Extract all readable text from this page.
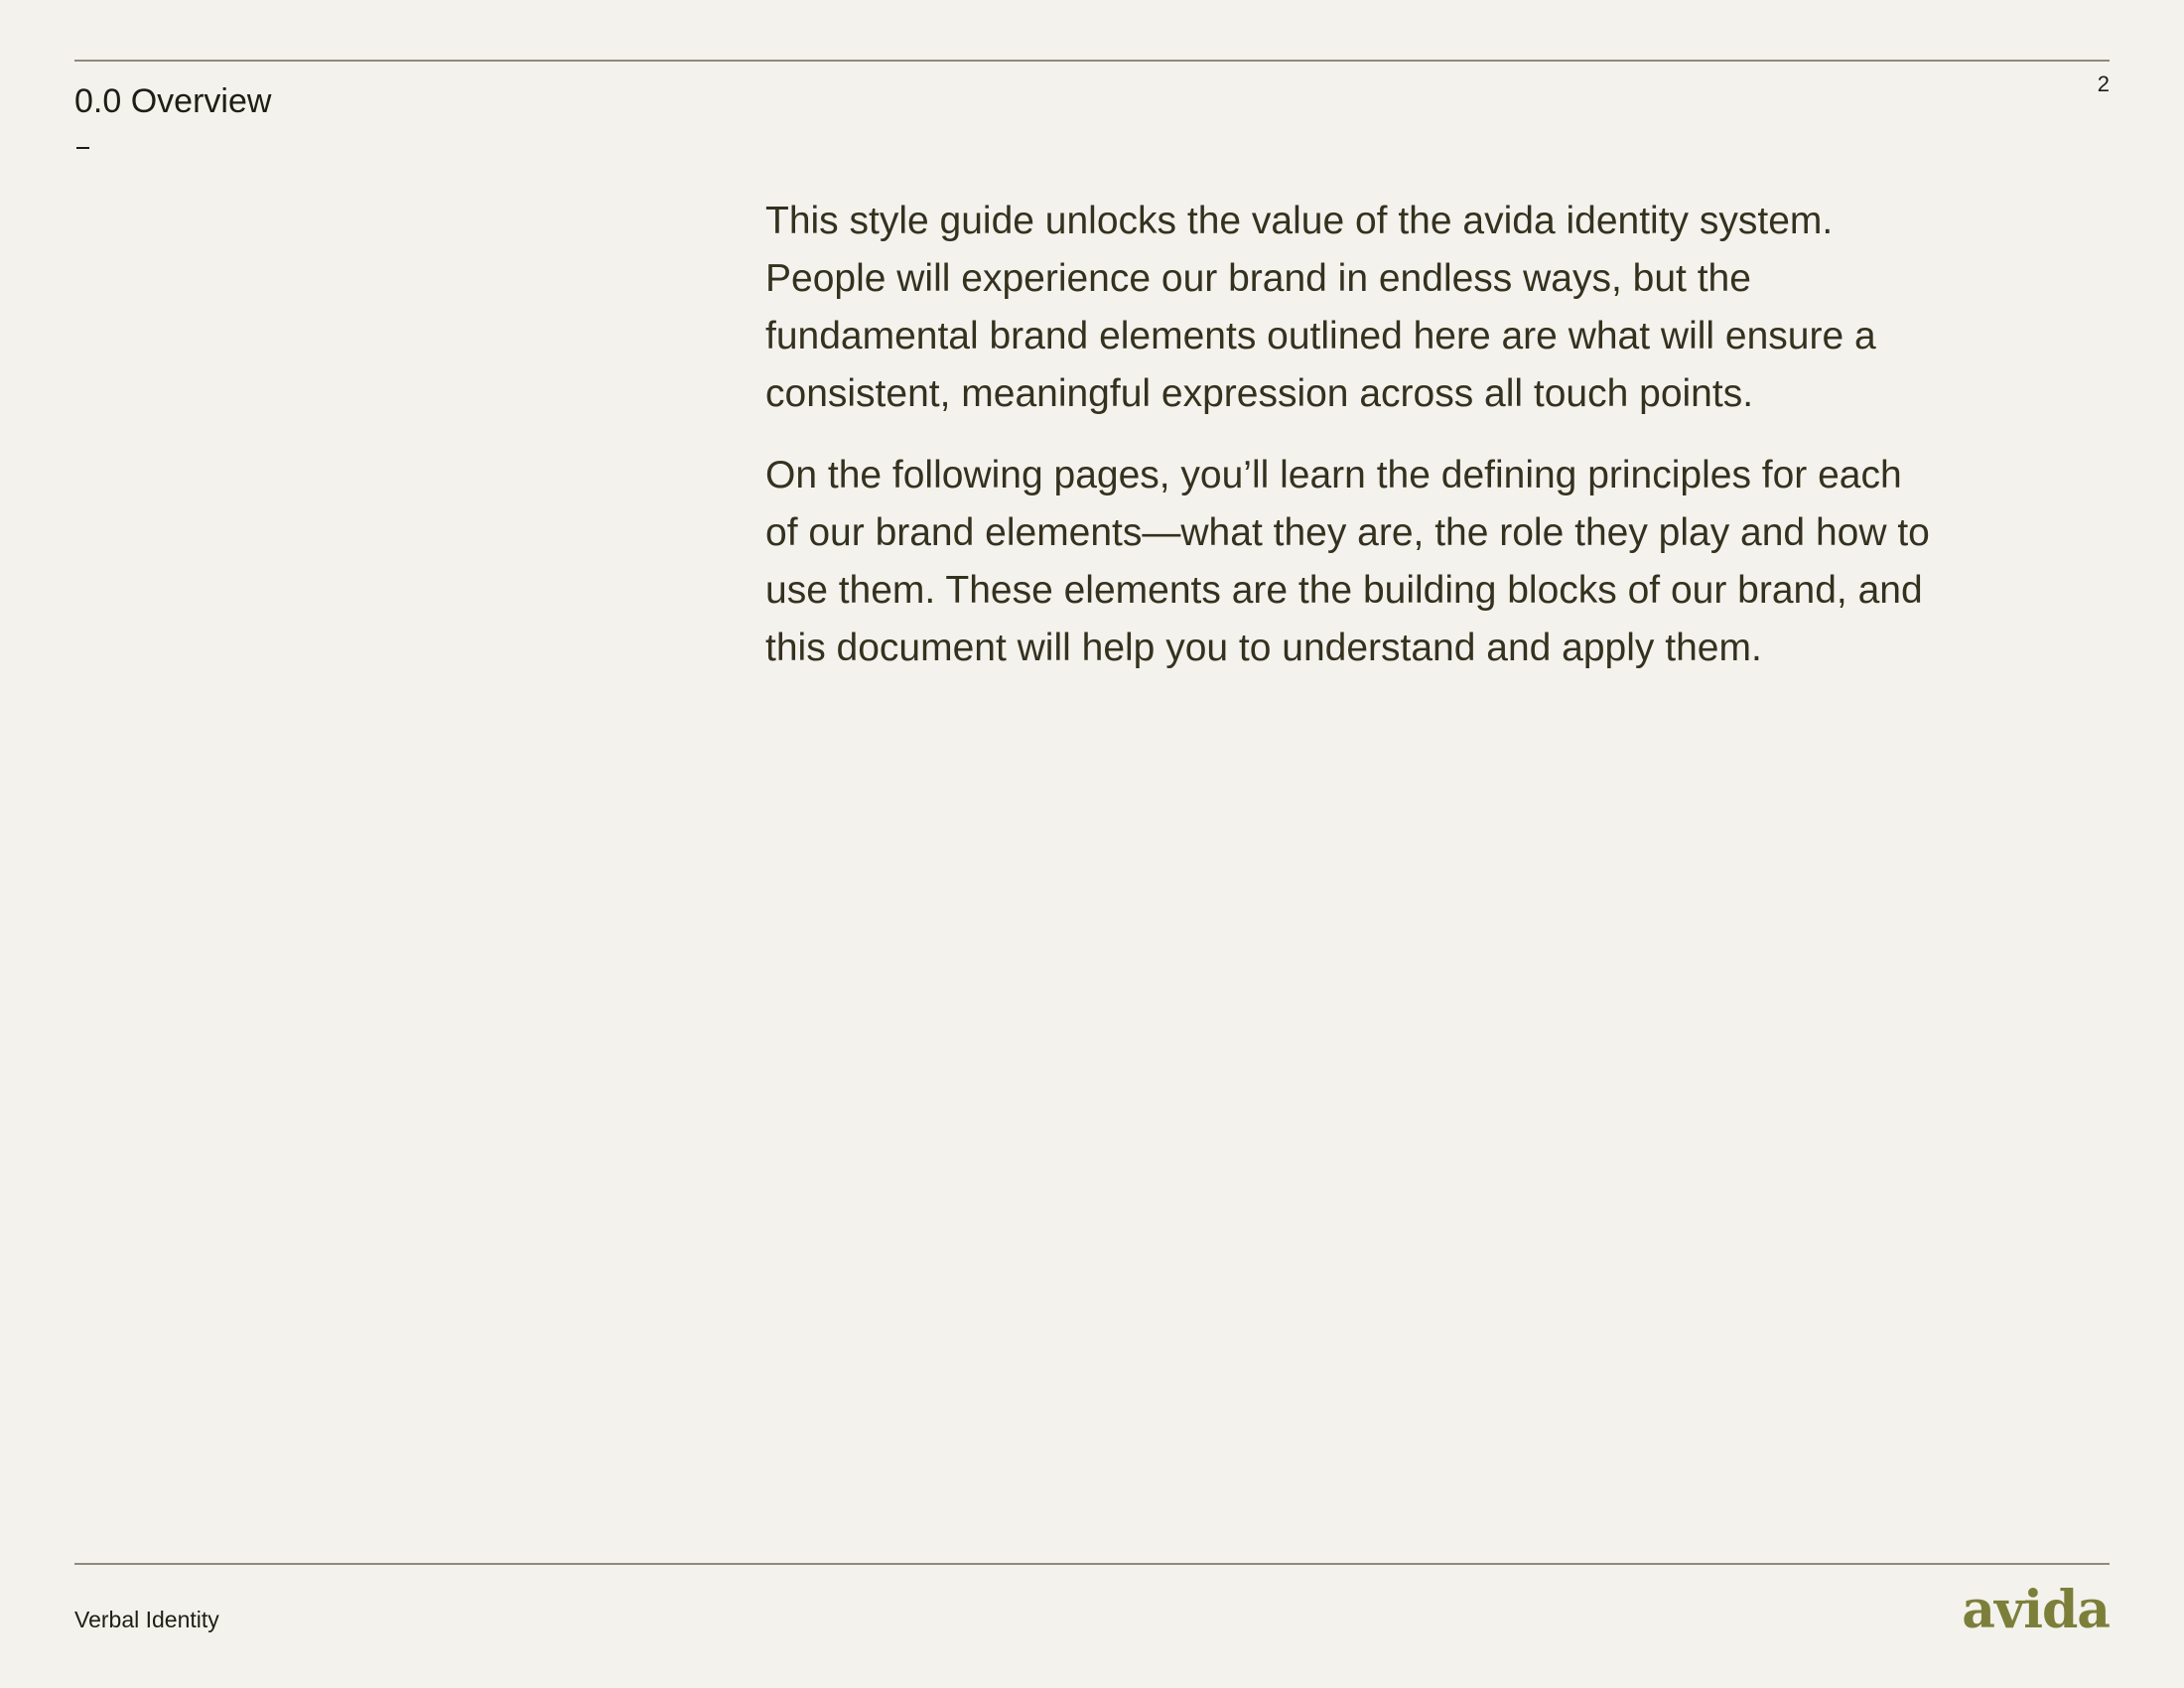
0.0 Overview	2

This style guide unlocks the value of the avida identity system. People will experience our brand in endless ways, but the fundamental brand elements outlined here are what will ensure a consistent, meaningful expression across all touch points.

On the following pages, you’ll learn the defining principles for each of our brand elements—what they are, the role they play and how to use them. These elements are the building blocks of our brand, and this document will help you to understand and apply them.

Verbal Identity	avida
